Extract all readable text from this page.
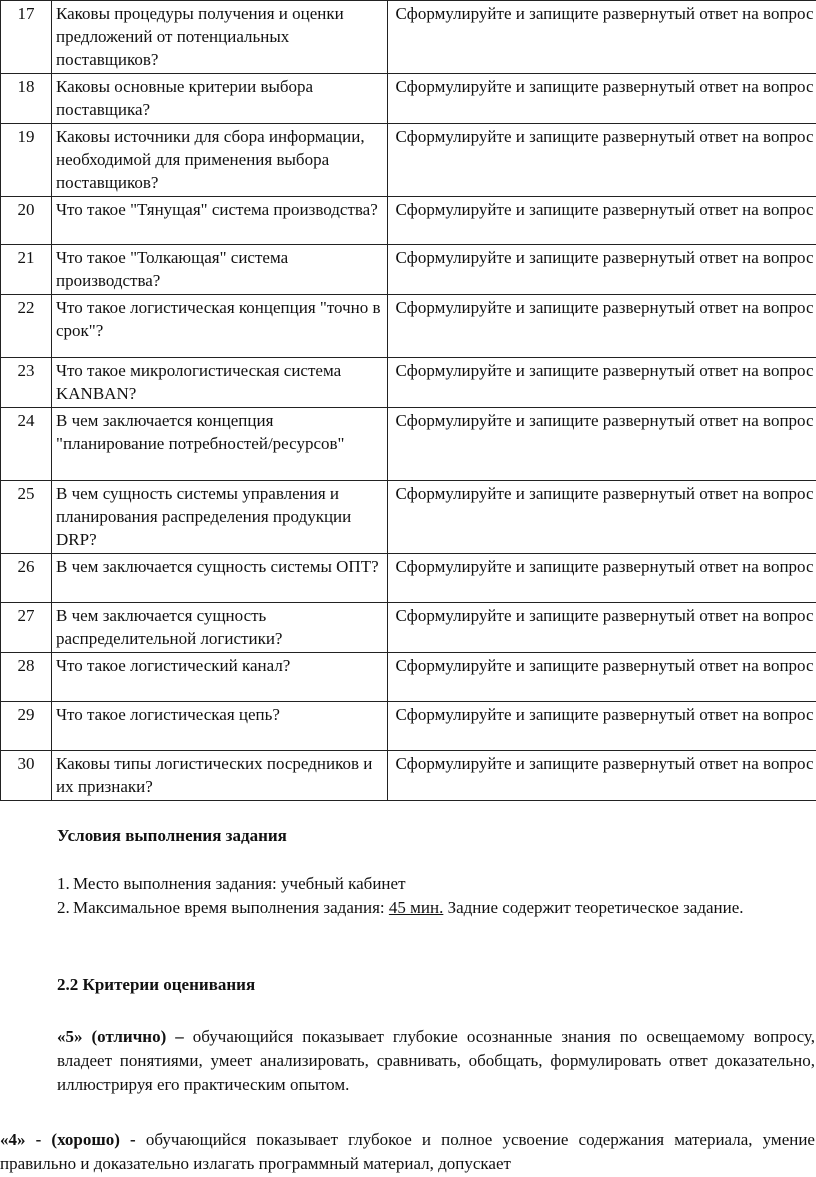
17	Каковы процедуры получения и оценки предложений от потенциальных поставщиков?	Сформулируйте и запищите развернутый ответ на вопрос
18	Каковы основные критерии выбора поставщика?	Сформулируйте и запищите развернутый ответ на вопрос
19	Каковы источники для сбора информации, необходимой для применения выбора поставщиков?	Сформулируйте и запищите развернутый ответ на вопрос
20	Что такое "Тянущая" система производства?	Сформулируйте и запищите развернутый ответ на вопрос
21	Что такое "Толкающая" система производства?	Сформулируйте и запищите развернутый ответ на вопрос
22	Что такое логистическая концепция "точно в срок"?	Сформулируйте и запищите развернутый ответ на вопрос
23	Что такое микрологистическая система KANBAN?	Сформулируйте и запищите развернутый ответ на вопрос
24	В чем заключается концепция "планирование потребностей/ресурсов"	Сформулируйте и запищите развернутый ответ на вопрос
25	В чем сущность системы управления и планирования распределения продукции DRP?	Сформулируйте и запищите развернутый ответ на вопрос
26	В чем заключается сущность системы ОПТ?	Сформулируйте и запищите развернутый ответ на вопрос
27	В чем заключается сущность распределительной логистики?	Сформулируйте и запищите развернутый ответ на вопрос
28	Что такое логистический канал?	Сформулируйте и запищите развернутый ответ на вопрос
29	Что такое логистическая цепь?	Сформулируйте и запищите развернутый ответ на вопрос
30	Каковы типы логистических посредников и их признаки?	Сформулируйте и запищите развернутый ответ на вопрос

Условия выполнения задания

1. Место выполнения задания: учебный кабинет
2. Максимальное время выполнения задания: 45 мин. Задние содержит теоретическое задание.

2.2 Критерии оценивания

«5» (отлично) – обучающийся показывает глубокие осознанные знания по освещаемому вопросу, владеет понятиями, умеет анализировать, сравнивать, обобщать, формулировать ответ доказательно, иллюстрируя его практическим опытом.

«4» - (хорошо) - обучающийся показывает глубокое и полное усвоение содержания материала, умение правильно и доказательно излагать программный материал, допускает
